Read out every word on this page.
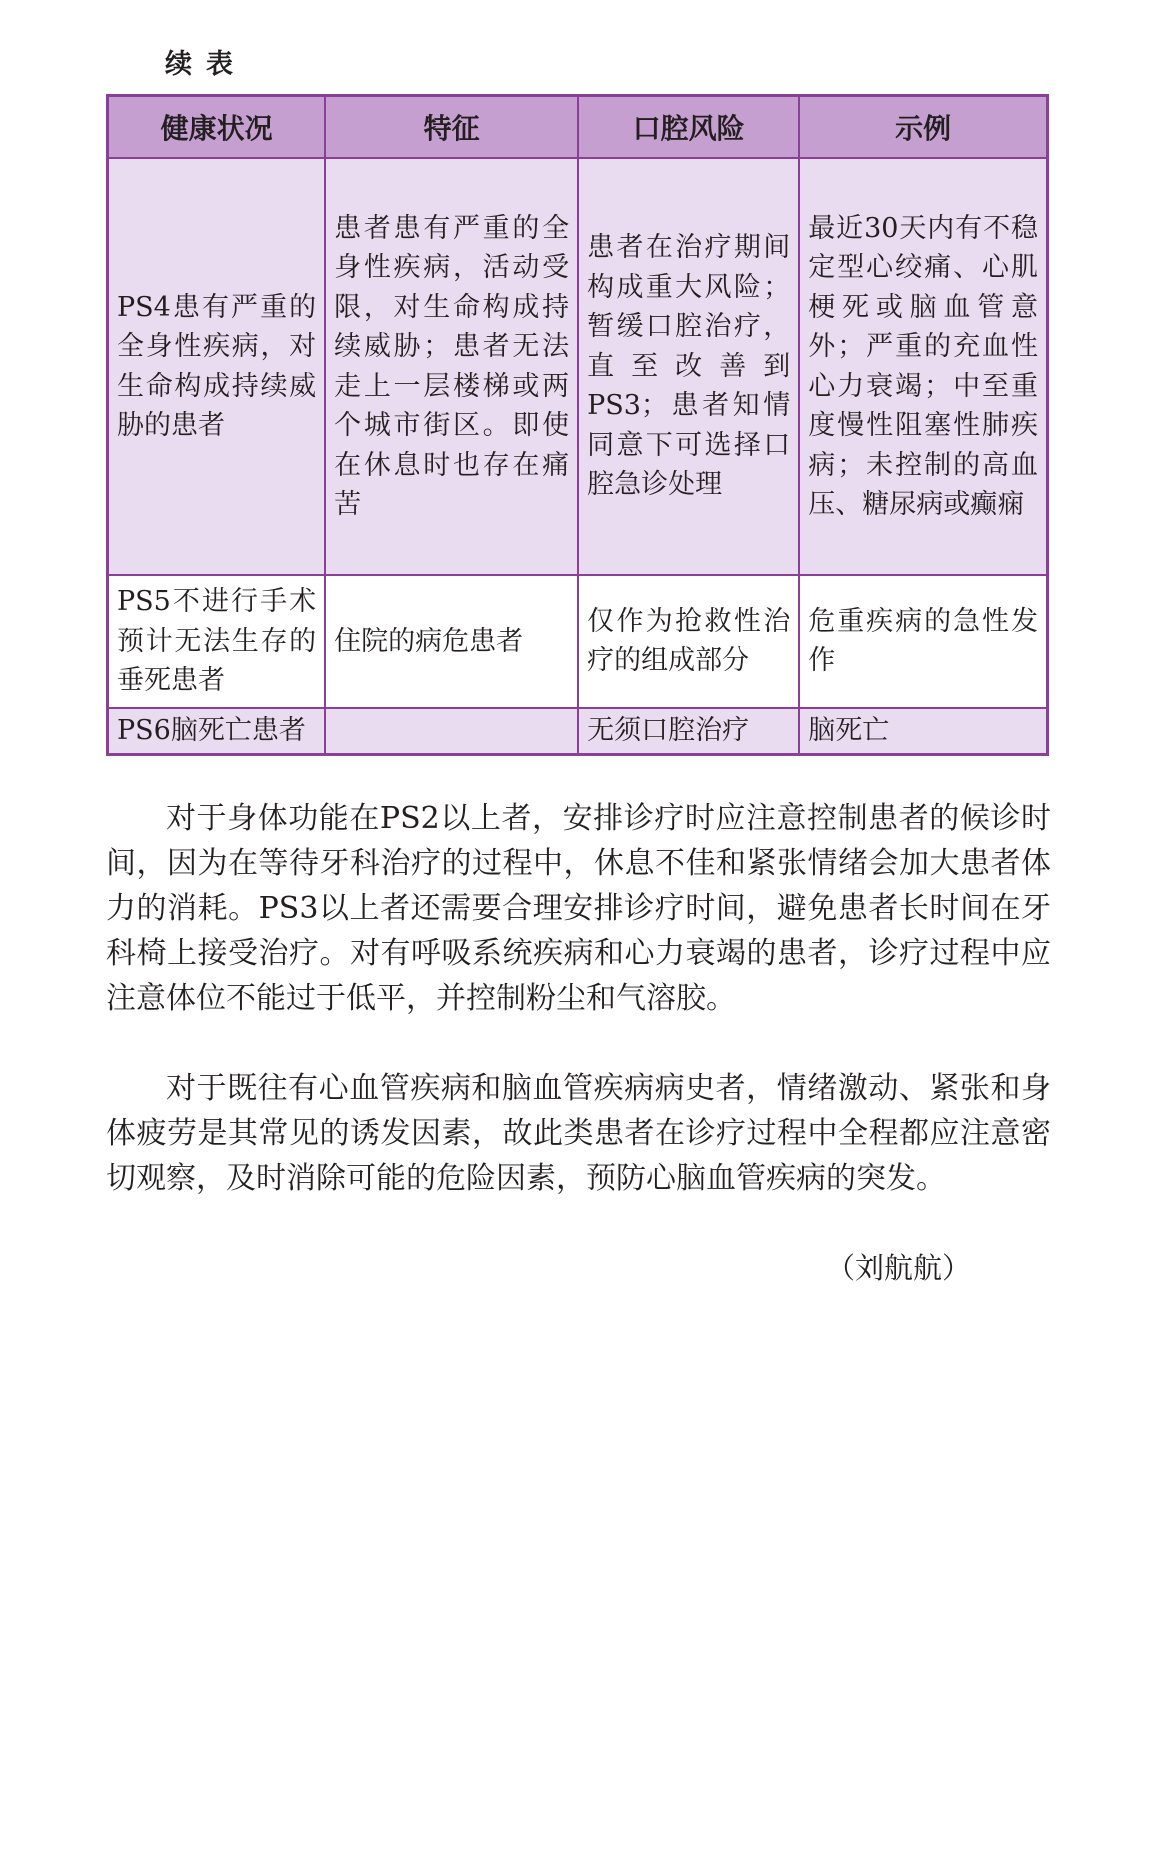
续表
健康状况	特征	口腔风险	示例
PS4患有严重的全身性疾病，对生命构成持续威胁的患者	患者患有严重的全身性疾病，活动受限，对生命构成持续威胁；患者无法走上一层楼梯或两个城市街区。即使在休息时也存在痛苦	患者在治疗期间构成重大风险；暂缓口腔治疗，直至改善到PS3；患者知情同意下可选择口腔急诊处理	最近30天内有不稳定型心绞痛、心肌梗死或脑血管意外；严重的充血性心力衰竭；中至重度慢性阻塞性肺疾病；未控制的高血压、糖尿病或癫痫
PS5不进行手术预计无法生存的垂死患者	住院的病危患者	仅作为抢救性治疗的组成部分	危重疾病的急性发作
PS6脑死亡患者		无须口腔治疗	脑死亡

对于身体功能在PS2以上者，安排诊疗时应注意控制患者的候诊时间，因为在等待牙科治疗的过程中，休息不佳和紧张情绪会加大患者体力的消耗。PS3以上者还需要合理安排诊疗时间，避免患者长时间在牙科椅上接受治疗。对有呼吸系统疾病和心力衰竭的患者，诊疗过程中应注意体位不能过于低平，并控制粉尘和气溶胶。

对于既往有心血管疾病和脑血管疾病病史者，情绪激动、紧张和身体疲劳是其常见的诱发因素，故此类患者在诊疗过程中全程都应注意密切观察，及时消除可能的危险因素，预防心脑血管疾病的突发。

（刘航航）
